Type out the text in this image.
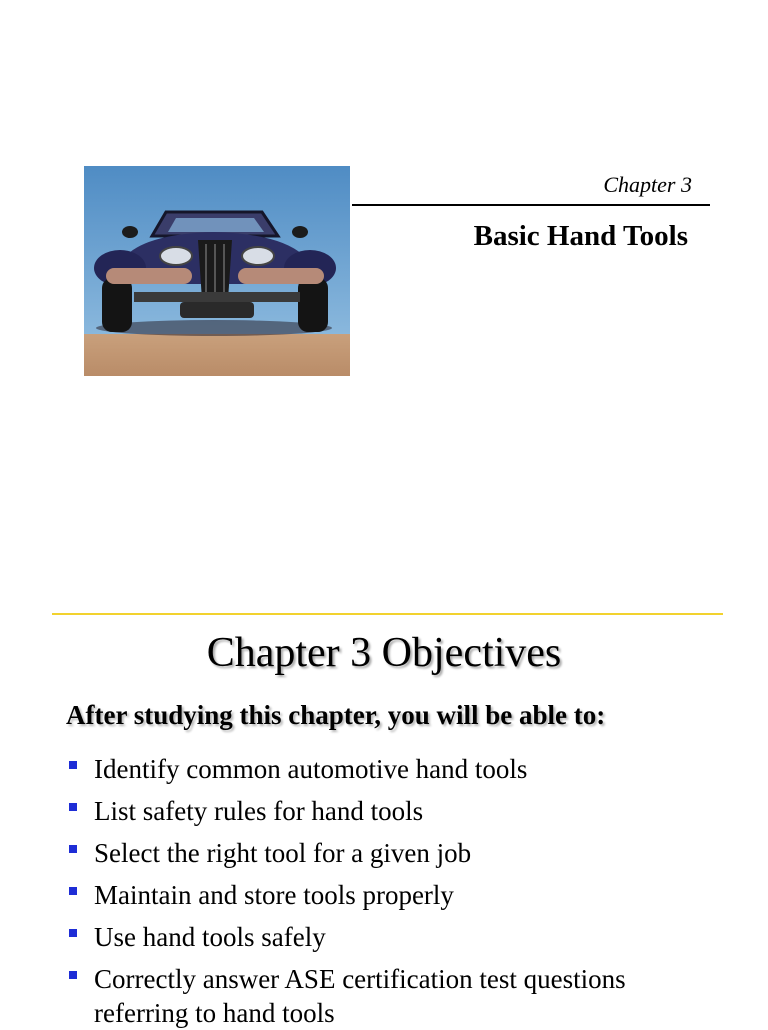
Chapter 3
Basic Hand Tools
Chapter 3 Objectives
After studying this chapter, you will be able to:
Identify common automotive hand tools
List safety rules for hand tools
Select the right tool for a given job
Maintain and store tools properly
Use hand tools safely
Correctly answer ASE certification test questions referring to hand tools
